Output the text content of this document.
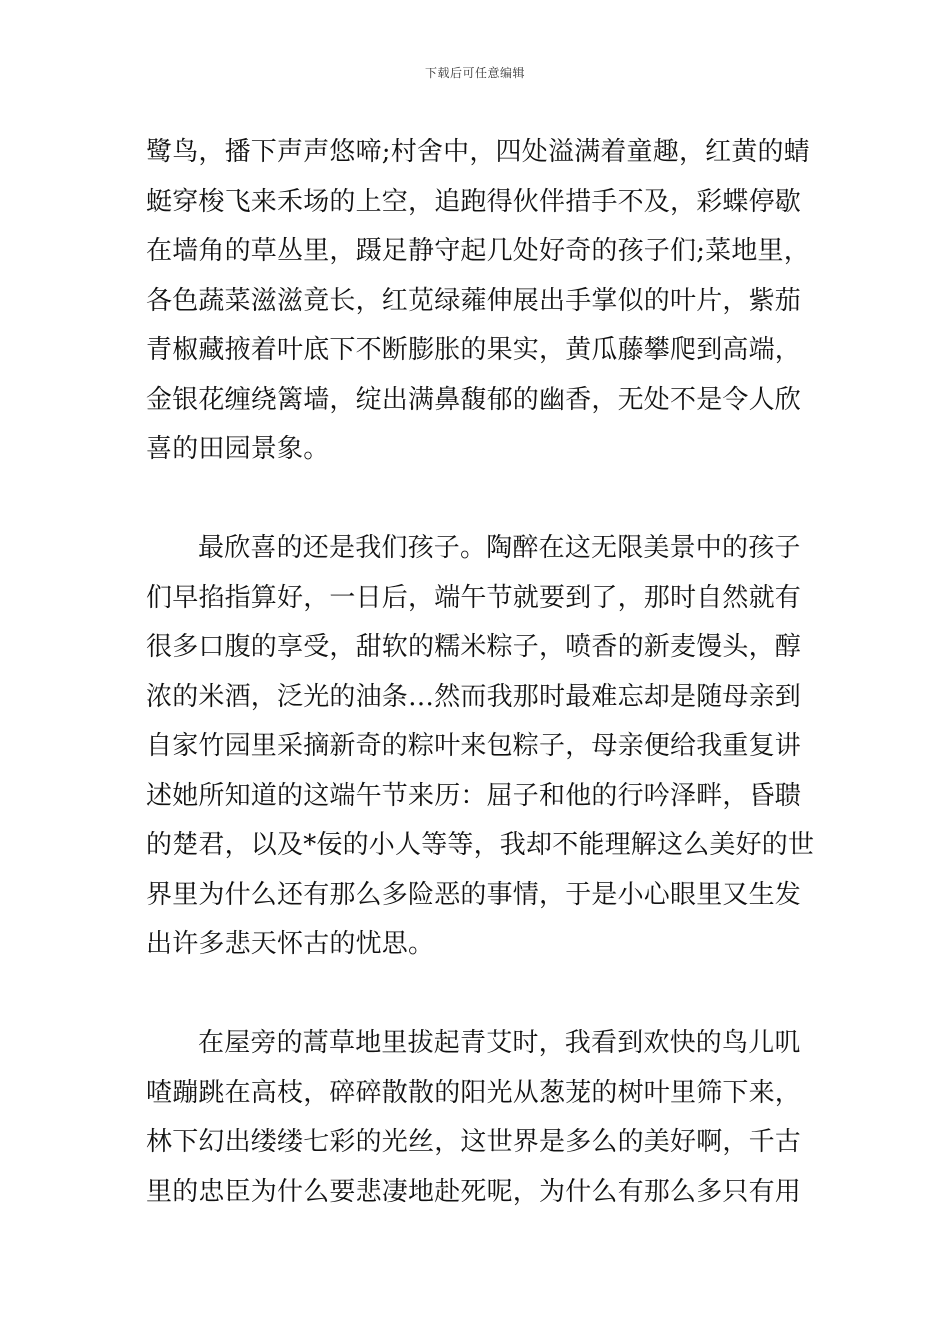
下载后可任意编辑
鹭鸟，播下声声悠啼;村舍中，四处溢满着童趣，红黄的蜻
蜓穿梭飞来禾场的上空，追跑得伙伴措手不及，彩蝶停歇
在墙角的草丛里，蹑足静守起几处好奇的孩子们;菜地里，
各色蔬菜滋滋竟长，红苋绿蕹伸展出手掌似的叶片，紫茄
青椒藏掖着叶底下不断膨胀的果实，黄瓜藤攀爬到高端，
金银花缠绕篱墙，绽出满鼻馥郁的幽香，无处不是令人欣
喜的田园景象。
最欣喜的还是我们孩子。陶醉在这无限美景中的孩子
们早掐指算好，一日后，端午节就要到了，那时自然就有
很多口腹的享受，甜软的糯米粽子，喷香的新麦馒头，醇
浓的米酒，泛光的油条…然而我那时最难忘却是随母亲到
自家竹园里采摘新奇的粽叶来包粽子，母亲便给我重复讲
述她所知道的这端午节来历：屈子和他的行吟泽畔，昏聩
的楚君，以及*佞的小人等等，我却不能理解这么美好的世
界里为什么还有那么多险恶的事情，于是小心眼里又生发
出许多悲天怀古的忧思。
在屋旁的蒿草地里拔起青艾时，我看到欢快的鸟儿叽
喳蹦跳在高枝，碎碎散散的阳光从葱茏的树叶里筛下来，
林下幻出缕缕七彩的光丝，这世界是多么的美好啊，千古
里的忠臣为什么要悲凄地赴死呢，为什么有那么多只有用
